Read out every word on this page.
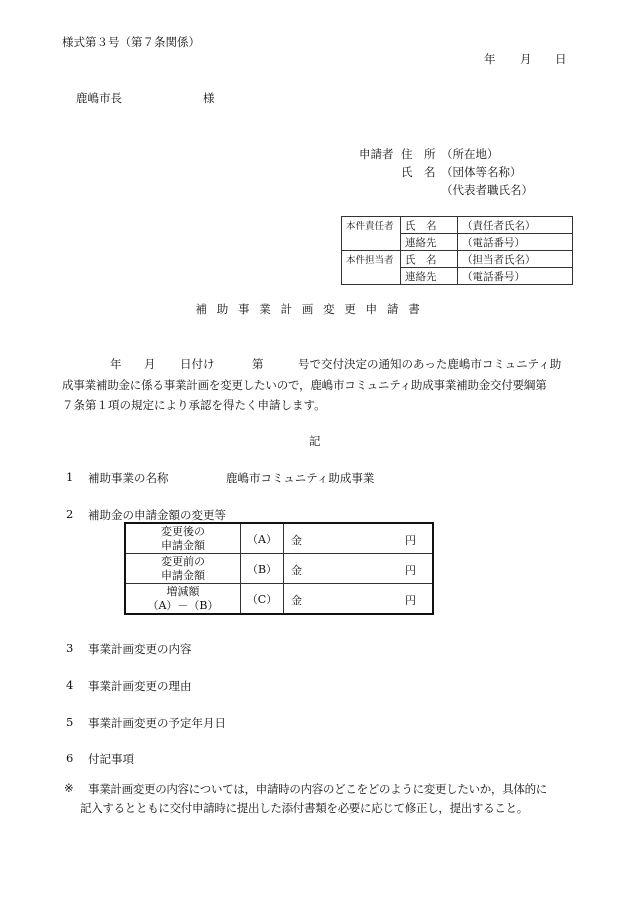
様式第３号（第７条関係）
年 月 日
鹿嶋市長	様
申請者 住　所 （所在地）
氏　名 （団体等名称）
（代表者職氏名）
本件責任者	氏　名	（責任者氏名）
	連絡先	（電話番号）
本件担当者	氏　名	（担当者氏名）
	連絡先	（電話番号）
補助事業計画変更申請書
年 月 日付け	第	号で交付決定の通知のあった鹿嶋市コミュニティ助
成事業補助金に係る事業計画を変更したいので，鹿嶋市コミュニティ助成事業補助金交付要綱第
７条第１項の規定により承認を得たく申請します。
記
1 補助事業の名称	鹿嶋市コミュニティ助成事業
2 補助金の申請金額の変更等
変更後の
申請金額	（A）	金 円

変更前の
申請金額	（B）	金 円

増減額
（A）－（B）	（C）	金 円
3 事業計画変更の内容
4 事業計画変更の理由
5 事業計画変更の予定年月日
6 付記事項
※ 事業計画変更の内容については，申請時の内容のどこをどのように変更したいか，具体的に
記入するとともに交付申請時に提出した添付書類を必要に応じて修正し，提出すること。
